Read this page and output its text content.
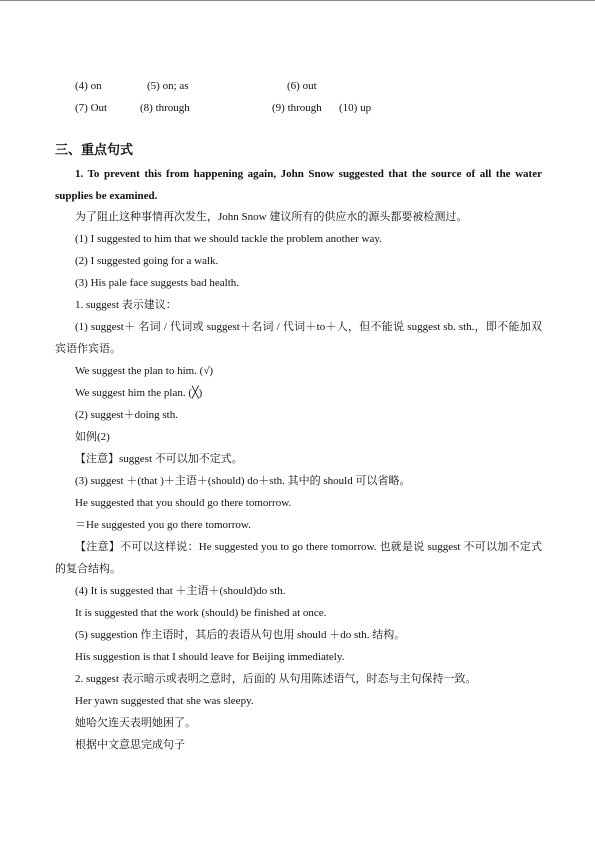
(4) on	(5) on; as	(6) out
(7) Out	(8) through	(9) through (10) up
三、重点句式
1. To prevent this from happening again, John Snow suggested that the source of all the water supplies be examined.
为了阻止这种事情再次发生，John Snow 建议所有的供应水的源头都要被检测过。
(1) I suggested to him that we should tackle the problem another way.
(2) I suggested going for a walk.
(3) His pale face suggests bad health.
1. suggest 表示建议：
(1) suggest＋ 名词 / 代词或 suggest＋名词 / 代词＋to＋人，但不能说 suggest sb. sth.，即不能加双宾语作宾语。
We suggest the plan to him. (√)
We suggest him the plan. (╳)
(2) suggest＋doing sth.
如例(2)
【注意】suggest 不可以加不定式。
(3) suggest ＋(that )＋主语＋(should) do＋sth. 其中的 should 可以省略。
He suggested that you should go there tomorrow.
＝He suggested you go there tomorrow.
【注意】不可以这样说：He suggested you to go there tomorrow. 也就是说 suggest 不可以加不定式的复合结构。
(4) It is suggested that ＋主语＋(should)do sth.
It is suggested that the work (should) be finished at once.
(5) suggestion 作主语时，其后的表语从句也用 should ＋do sth. 结构。
His suggestion is that I should leave for Beijing immediately.
2. suggest 表示暗示或表明之意时，后面的 从句用陈述语气，时态与主句保持一致。
Her yawn suggested that she was sleepy.
她哈欠连天表明她困了。
根据中文意思完成句子
